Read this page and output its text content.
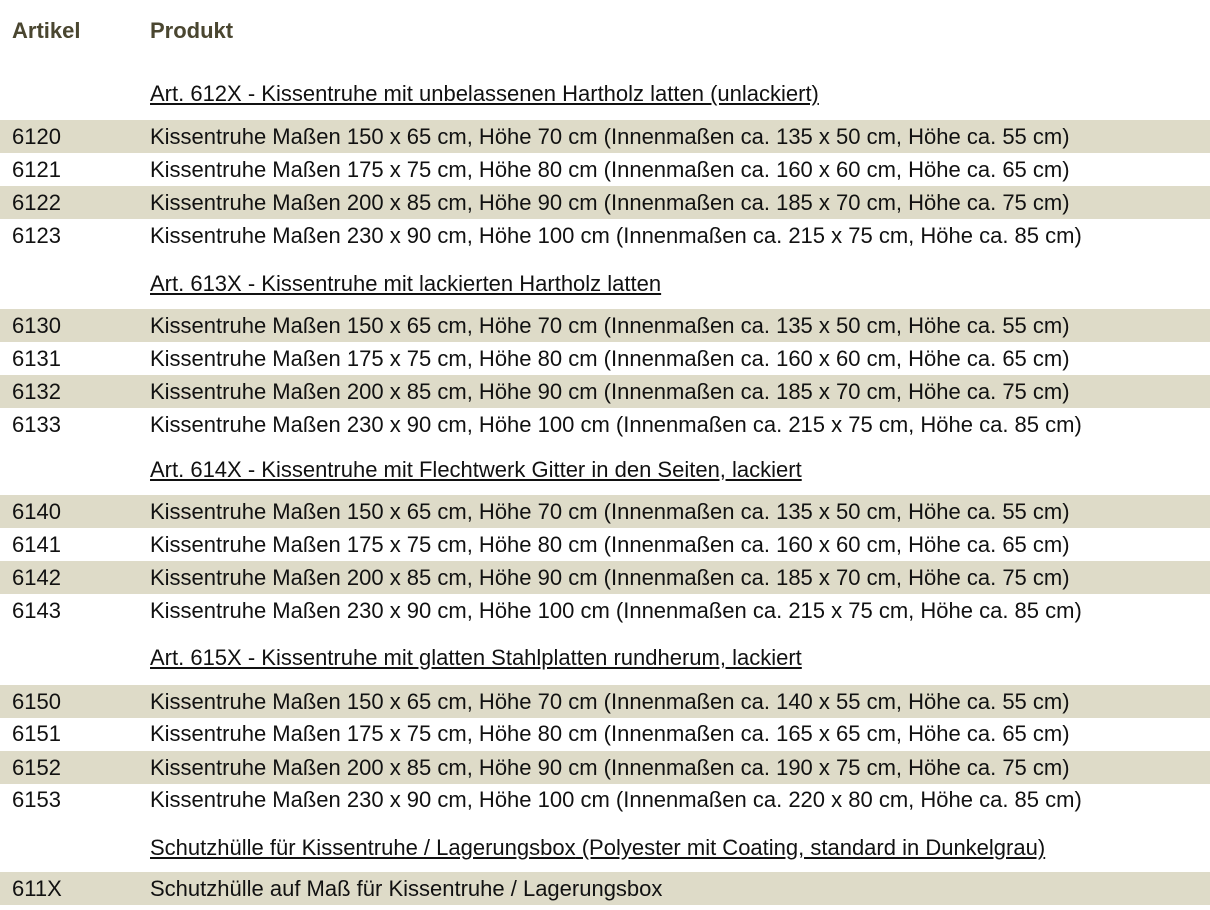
Artikel	Produkt
Art. 612X - Kissentruhe mit unbelassenen Hartholz latten (unlackiert)
6120	Kissentruhe Maßen 150 x 65 cm, Höhe 70 cm (Innenmaßen ca. 135 x 50 cm, Höhe ca. 55 cm)
6121	Kissentruhe Maßen 175 x 75 cm, Höhe 80 cm (Innenmaßen ca. 160 x 60 cm, Höhe ca. 65 cm)
6122	Kissentruhe Maßen 200 x 85 cm, Höhe 90 cm (Innenmaßen ca. 185 x 70 cm, Höhe ca. 75 cm)
6123	Kissentruhe Maßen 230 x 90 cm, Höhe 100 cm (Innenmaßen ca. 215 x 75 cm, Höhe ca. 85 cm)
Art. 613X - Kissentruhe mit lackierten Hartholz latten
6130	Kissentruhe Maßen 150 x 65 cm, Höhe 70 cm (Innenmaßen ca. 135 x 50 cm, Höhe ca. 55 cm)
6131	Kissentruhe Maßen 175 x 75 cm, Höhe 80 cm (Innenmaßen ca. 160 x 60 cm, Höhe ca. 65 cm)
6132	Kissentruhe Maßen 200 x 85 cm, Höhe 90 cm (Innenmaßen ca. 185 x 70 cm, Höhe ca. 75 cm)
6133	Kissentruhe Maßen 230 x 90 cm, Höhe 100 cm (Innenmaßen ca. 215 x 75 cm, Höhe ca. 85 cm)
Art. 614X - Kissentruhe mit Flechtwerk Gitter in den Seiten, lackiert
6140	Kissentruhe Maßen 150 x 65 cm, Höhe 70 cm (Innenmaßen ca. 135 x 50 cm, Höhe ca. 55 cm)
6141	Kissentruhe Maßen 175 x 75 cm, Höhe 80 cm (Innenmaßen ca. 160 x 60 cm, Höhe ca. 65 cm)
6142	Kissentruhe Maßen 200 x 85 cm, Höhe 90 cm (Innenmaßen ca. 185 x 70 cm, Höhe ca. 75 cm)
6143	Kissentruhe Maßen 230 x 90 cm, Höhe 100 cm (Innenmaßen ca. 215 x 75 cm, Höhe ca. 85 cm)
Art. 615X - Kissentruhe mit glatten Stahlplatten rundherum, lackiert
6150	Kissentruhe Maßen 150 x 65 cm, Höhe 70 cm (Innenmaßen ca. 140 x 55 cm, Höhe ca. 55 cm)
6151	Kissentruhe Maßen 175 x 75 cm, Höhe 80 cm (Innenmaßen ca. 165 x 65 cm, Höhe ca. 65 cm)
6152	Kissentruhe Maßen 200 x 85 cm, Höhe 90 cm (Innenmaßen ca. 190 x 75 cm, Höhe ca. 75 cm)
6153	Kissentruhe Maßen 230 x 90 cm, Höhe 100 cm (Innenmaßen ca. 220 x 80 cm, Höhe ca. 85 cm)
Schutzhülle für Kissentruhe / Lagerungsbox (Polyester mit Coating, standard in Dunkelgrau)
611X	Schutzhülle auf Maß für Kissentruhe / Lagerungsbox
